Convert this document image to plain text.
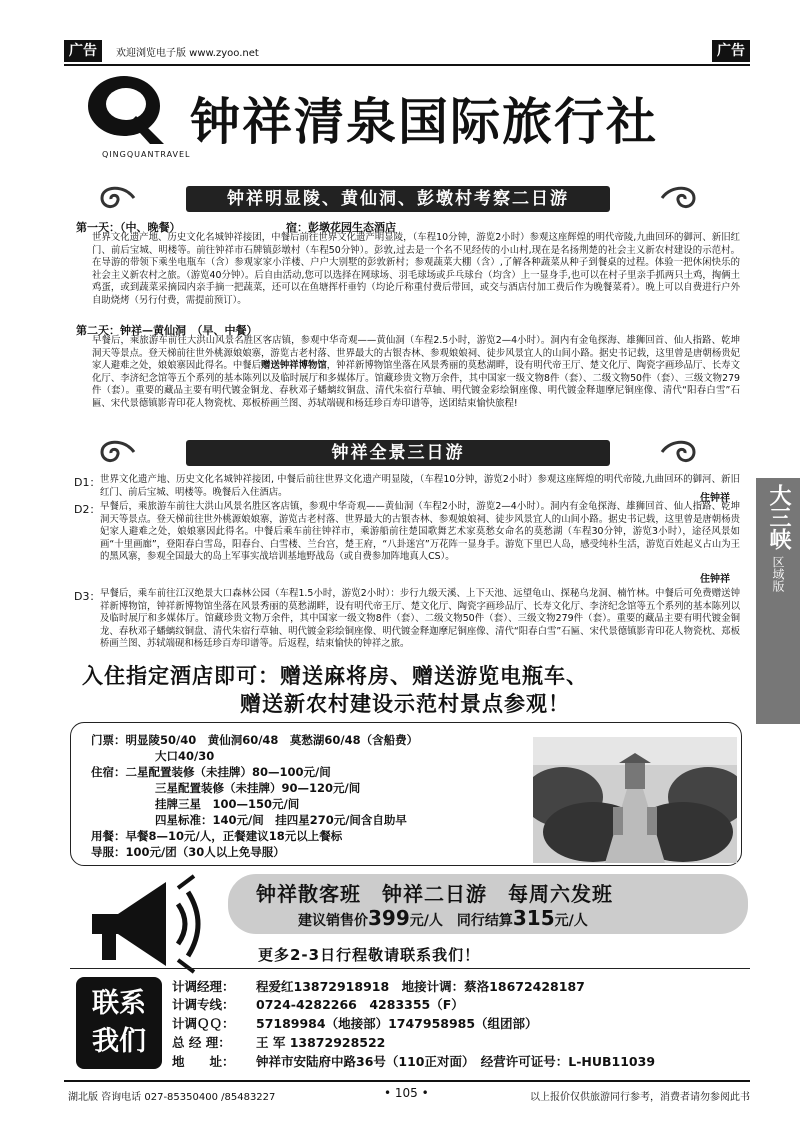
广告	欢迎浏览电子版 www.zyoo.net	广告
QINGQUANTRAVEL
钟祥清泉国际旅行社
钟祥明显陵、黄仙洞、彭墩村考察二日游
第一天：（中、晚餐）	宿：彭墩花园生态酒店
世界文化遗产地、历史文化名城钟祥接团，中餐后前往世界文化遗产明显陵，（车程10分钟，游览2小时）参观这座辉煌的明代帝陵,九曲回环的御河、新旧红门、前后宝城、明楼等。前往钟祥市石牌镇彭墩村（车程50分钟）。彭敦,过去是一个名不见经传的小山村,现在是名扬荆楚的社会主义新农村建设的示范村。在导游的带领下乘坐电瓶车（含）参观家家小洋楼、户户大别墅的彭敦新村；参观蔬菜大棚（含）,了解各种蔬菜从种子到餐桌的过程。体验一把休闲快乐的社会主义新农村之旅。（游览40分钟）。后自由活动,您可以选择在网球场、羽毛球场或乒乓球台（均含）上一显身手,也可以在村子里亲手抓两只土鸡，掏俩土鸡蛋，或到蔬菜采摘园内亲手摘一把蔬菜，还可以在鱼塘挥杆垂钓（均论斤称重付费后带回，或交与酒店付加工费后作为晚餐菜肴）。晚上可以自费进行户外自助烧烤（另行付费，需提前预订）。
第二天：钟祥—黄仙洞　（早、中餐）
早餐后，乘旅游车前往大洪山风景名胜区客店镇，参观中华奇观——黄仙洞（车程2.5小时，游览2—4小时）。洞内有金龟探海、雄狮回首、仙人指路、乾坤洞天等景点。登天梯前往世外桃源娘娘寨，游览古老村落、世界最大的古银杏林、参观娘娘祠、徒步风景宜人的山间小路。据史书记载，这里曾是唐朝杨贵妃家人避难之处，娘娘寨因此得名。中餐后赠送钟祥博物馆，钟祥新博物馆坐落在风景秀丽的莫愁湖畔，设有明代帝王厅、楚文化厅、陶瓷字画珍品厅、长寿文化厅、李济纪念馆等五个系列的基本陈列以及临时展厅和多媒体厅。馆藏珍贵文物万余件，其中国家一级文物8件（套）、二级文物50件（套）、三级文物279件（套）。重要的藏品主要有明代镀金铜龙、春秋邓子蟠螭纹铜盘、清代朱宿行草轴、明代镀金彩绘铜座像、明代镀金释迦摩尼铜座像、清代“阳春白雪”石匾、宋代景德镇影青印花人物瓷枕、郑板桥画兰图、苏轼端砚和杨廷珍百寿印谱等，送团结束愉快旅程!
钟祥全景三日游
D1： 世界文化遗产地、历史文化名城钟祥接团, 中餐后前往世界文化遗产明显陵，（车程10分钟，游览2小时）参观这座辉煌的明代帝陵,九曲回环的御河、新旧红门、前后宝城、明楼等。晚餐后入住酒店。
住钟祥
D2： 早餐后，乘旅游车前往大洪山风景名胜区客店镇，参观中华奇观——黄仙洞（车程2小时，游览2—4小时）。洞内有金龟探海、雄狮回首、仙人指路、乾坤洞天等景点。登天梯前往世外桃源娘娘寨，游览古老村落、世界最大的古银杏林、参观娘娘祠、徒步风景宜人的山间小路。据史书记载，这里曾是唐朝杨贵妃家人避难之处，娘娘寨因此得名。中餐后乘车前往钟祥市，乘游船前往楚国歌舞艺术家莫愁女命名的莫愁湖（车程30分钟，游览3小时），途径风景如画“十里画廊”，登阳春白雪岛，阳春台、白雪楼、兰台宫，楚王府，“八卦迷宫”万花阵一显身手。游览下里巴人岛，感受纯朴生活，游览百姓起义占山为王的黑风寨，参观全国最大的岛上军事实战培训基地野战岛（或自费参加阵地真人CS）。
住钟祥
D3： 早餐后，乘车前往江汉绝景大口森林公园（车程1.5小时，游览2小时）：步行九级天溪、上下天池、远望龟山、探秘乌龙洞、楠竹林。中餐后可免费赠送钟祥新博物馆，钟祥新博物馆坐落在风景秀丽的莫愁湖畔，设有明代帝王厅、楚文化厅、陶瓷字画珍品厅、长寿文化厅、李济纪念馆等五个系列的基本陈列以及临时展厅和多媒体厅。馆藏珍贵文物万余件，其中国家一级文物8件（套）、二级文物50件（套）、三级文物279件（套）。重要的藏品主要有明代镀金铜龙、春秋邓子蟠螭纹铜盘、清代朱宿行草轴、明代镀金彩绘铜座像、明代镀金释迦摩尼铜座像、清代“阳春白雪”石匾、宋代景德镇影青印花人物瓷枕、郑板桥画兰图、苏轼端砚和杨廷珍百寿印谱等。后返程，结束愉快的钟祥之旅。
大三峡
区域版
入住指定酒店即可：赠送麻将房、赠送游览电瓶车、
赠送新农村建设示范村景点参观！
门票：明显陵50/40　黄仙洞60/48　莫愁湖60/48（含船费）
大口40/30
住宿：二星配置装修（未挂牌）80—100元/间
三星配置装修（未挂牌）90—120元/间
挂牌三星　100—150元/间
四星标准：140元/间　挂四星270元/间含自助早
用餐：早餐8—10元/人，正餐建议18元以上餐标
导服：100元/团（30人以上免导服）
钟祥散客班　钟祥二日游　每周六发班
建议销售价399元/人　同行结算315元/人
更多2-3日行程敬请联系我们！
联系
我们
计调经理： 程爱红13872918918　地接计调：蔡洛18672428187
计调专线： 0724-4282266　4283355（F）
计调ＱＱ： 57189984（地接部）1747958985（组团部）
总 经 理： 王 军 13872928522
地　　址： 钟祥市安陆府中路36号（110正对面）　经营许可证号：L-HUB11039
湖北版 咨询电话 027-85350400 /85483227	• 105 •	以上报价仅供旅游同行参考，消费者请勿参阅此书
